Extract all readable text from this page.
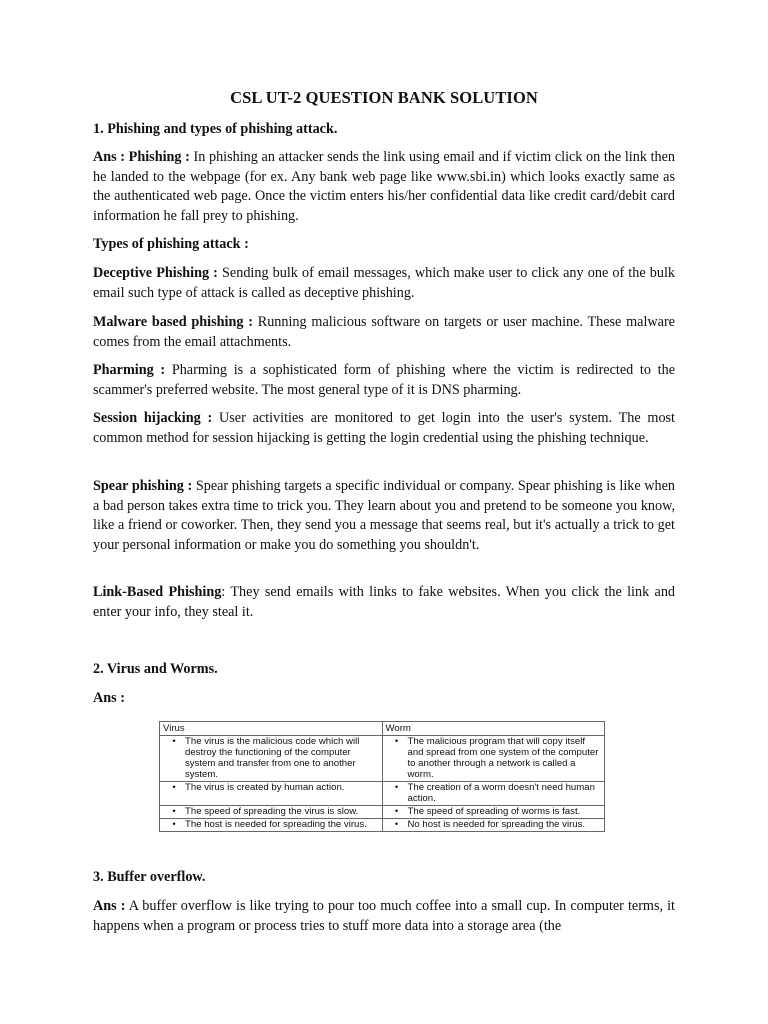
CSL UT-2 QUESTION BANK SOLUTION
1. Phishing and types of phishing attack.
Ans : Phishing : In phishing an attacker sends the link using email and if victim click on the link then he landed to the webpage (for ex. Any bank web page like www.sbi.in) which looks exactly same as the authenticated web page. Once the victim enters his/her confidential data like credit card/debit card information he fall prey to phishing.
Types of phishing attack :
Deceptive Phishing : Sending bulk of email messages, which make user to click any one of the bulk email such type of attack is called as deceptive phishing.
Malware based phishing : Running malicious software on targets or user machine. These malware comes from the email attachments.
Pharming : Pharming is a sophisticated form of phishing where the victim is redirected to the scammer's preferred website. The most general type of it is DNS pharming.
Session hijacking : User activities are monitored to get login into the user's system. The most common method for session hijacking is getting the login credential using the phishing technique.
Spear phishing : Spear phishing targets a specific individual or company. Spear phishing is like when a bad person takes extra time to trick you. They learn about you and pretend to be someone you know, like a friend or coworker. Then, they send you a message that seems real, but it's actually a trick to get your personal information or make you do something you shouldn't.
Link-Based Phishing: They send emails with links to fake websites. When you click the link and enter your info, they steal it.
2. Virus and Worms.
Ans :
Virus	Worm

• The virus is the malicious code which will destroy the functioning of the computer system and transfer from one to another system.	• The malicious program that will copy itself and spread from one system of the computer to another through a network is called a worm.

• The virus is created by human action.	• The creation of a worm doesn't need human action.

• The speed of spreading the virus is slow.	• The speed of spreading of worms is fast.

• The host is needed for spreading the virus.	• No host is needed for spreading the virus.
3. Buffer overflow.
Ans : A buffer overflow is like trying to pour too much coffee into a small cup. In computer terms, it happens when a program or process tries to stuff more data into a storage area (the
